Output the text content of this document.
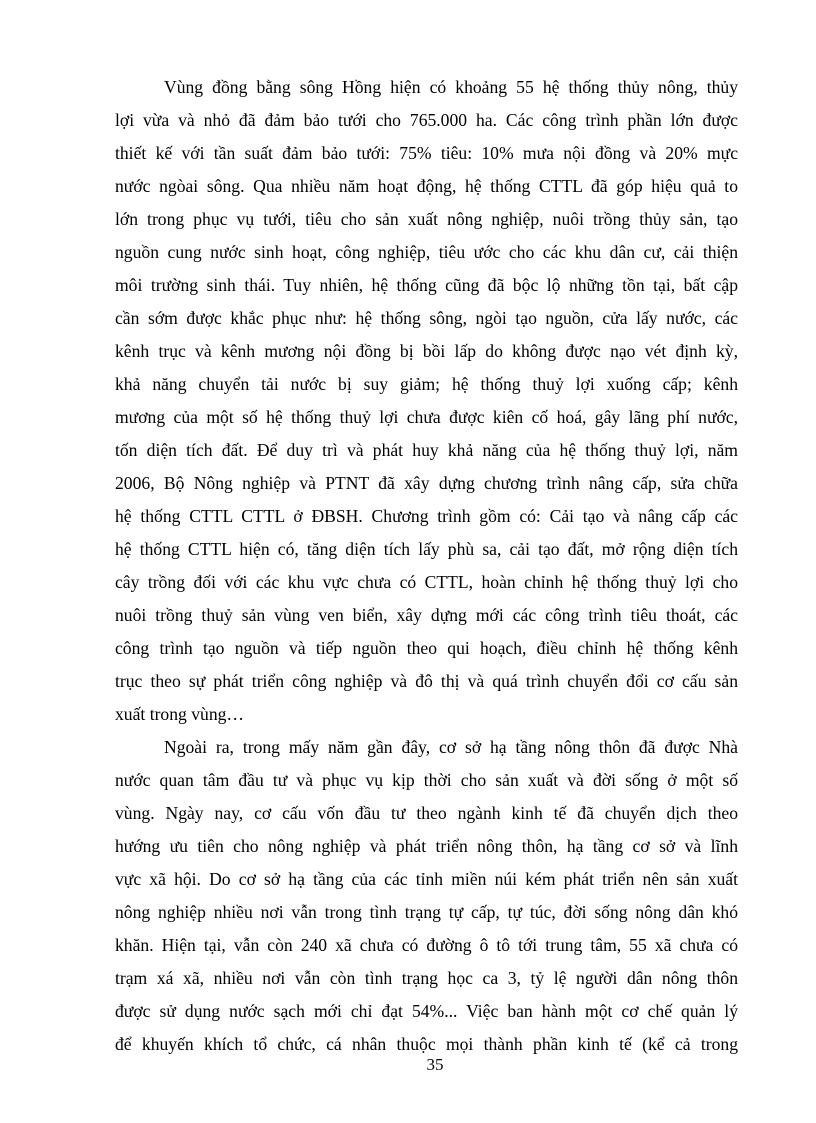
Vùng đồng bằng sông Hồng hiện có khoảng 55 hệ thống thủy nông, thủy
lợi vừa và nhỏ đã đảm bảo tưới cho 765.000 ha. Các công trình phần lớn được
thiết kế với tần suất đảm bảo tưới: 75% tiêu: 10% mưa nội đồng và 20% mực
nước ngòai sông. Qua nhiều năm hoạt động, hệ thống CTTL đã góp hiệu quả to
lớn trong phục vụ tưới, tiêu cho sản xuất nông nghiệp, nuôi trồng thủy sản, tạo
nguồn cung nước sinh hoạt, công nghiệp, tiêu ước cho các khu dân cư, cải thiện
môi trường sinh thái. Tuy nhiên, hệ thống cũng đã bộc lộ những tồn tại, bất cập
cần sớm được khắc phục như: hệ thống sông, ngòi tạo nguồn, cửa lấy nước, các
kênh trục và kênh mương nội đồng bị bồi lấp do không được nạo vét định kỳ,
khả năng chuyển tải nước bị suy giảm; hệ thống thuỷ lợi xuống cấp; kênh
mương của một số hệ thống thuỷ lợi chưa được kiên cố hoá, gây lãng phí nước,
tốn diện tích đất. Để duy trì và phát huy khả năng của hệ thống thuỷ lợi, năm
2006, Bộ Nông nghiệp và PTNT đã xây dựng chương trình nâng cấp, sửa chữa
hệ thống CTTL CTTL ở ĐBSH. Chương trình gồm có: Cải tạo và nâng cấp các
hệ thống CTTL hiện có, tăng diện tích lấy phù sa, cải tạo đất, mở rộng diện tích
cây trồng đối với các khu vực chưa có CTTL, hoàn chỉnh hệ thống thuỷ lợi cho
nuôi trồng thuỷ sản vùng ven biển, xây dựng mới các công trình tiêu thoát, các
công trình tạo nguồn và tiếp nguồn theo qui hoạch, điều chỉnh hệ thống kênh
trục theo sự phát triển công nghiệp và đô thị và quá trình chuyển đổi cơ cấu sản
xuất trong vùng…
Ngoài ra, trong mấy năm gần đây, cơ sở hạ tầng nông thôn đã được Nhà
nước quan tâm đầu tư và phục vụ kịp thời cho sản xuất và đời sống ở một số
vùng. Ngày nay, cơ cấu vốn đầu tư theo ngành kinh tế đã chuyển dịch theo
hướng ưu tiên cho nông nghiệp và phát triển nông thôn, hạ tầng cơ sở và lĩnh
vực xã hội. Do cơ sở hạ tầng của các tỉnh miền núi kém phát triển nên sản xuất
nông nghiệp nhiều nơi vẫn trong tình trạng tự cấp, tự túc, đời sống nông dân khó
khăn. Hiện tại, vẫn còn 240 xã chưa có đường ô tô tới trung tâm, 55 xã chưa có
trạm xá xã, nhiều nơi vẫn còn tình trạng học ca 3, tỷ lệ người dân nông thôn
được sử dụng nước sạch mới chỉ đạt 54%... Việc ban hành một cơ chế quản lý
để khuyến khích tổ chức, cá nhân thuộc mọi thành phần kinh tế (kể cả trong
35
